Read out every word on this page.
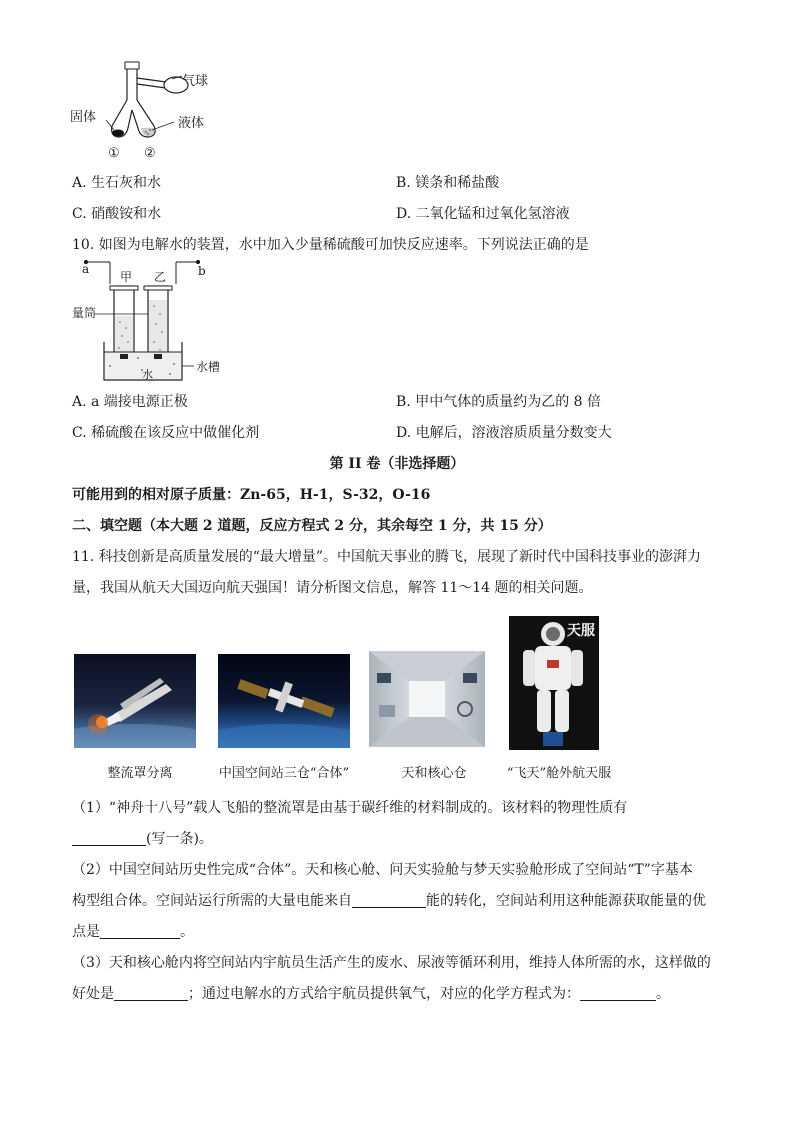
气球
固体	液体
① ②
A. 生石灰和水	B. 镁条和稀盐酸
C. 硝酸铵和水	D. 二氧化锰和过氧化氢溶液
10. 如图为电解水的装置，水中加入少量稀硫酸可加快反应速率。下列说法正确的是
a	b
甲 乙
量筒
水
水槽
A. a 端接电源正极	B. 甲中气体的质量约为乙的 8 倍
C. 稀硫酸在该反应中做催化剂	D. 电解后，溶液溶质质量分数变大
第 II 卷（非选择题）
可能用到的相对原子质量：Zn-65，H-1，S-32，O-16
二、填空题（本大题 2 道题，反应方程式 2 分，其余每空 1 分，共 15 分）
11. 科技创新是高质量发展的“最大增量”。中国航天事业的腾飞，展现了新时代中国科技事业的澎湃力
量，我国从航天大国迈向航天强国！请分析图文信息，解答 11～14 题的相关问题。
天服
整流罩分离	中国空间站三仓“合体”	天和核心仓	“飞天”舱外航天服
（1）“神舟十八号”载人飞船的整流罩是由基于碳纤维的材料制成的。该材料的物理性质有
(写一条)。
（2）中国空间站历史性完成“合体”。天和核心舱、问天实验舱与梦天实验舱形成了空间站“T”字基本
构型组合体。空间站运行所需的大量电能来自	能的转化，空间站利用这种能源获取能量的优
点是	。
（3）天和核心舱内将空间站内宇航员生活产生的废水、尿液等循环利用，维持人体所需的水，这样做的
好处是	；通过电解水的方式给宇航员提供氧气，对应的化学方程式为：	。
